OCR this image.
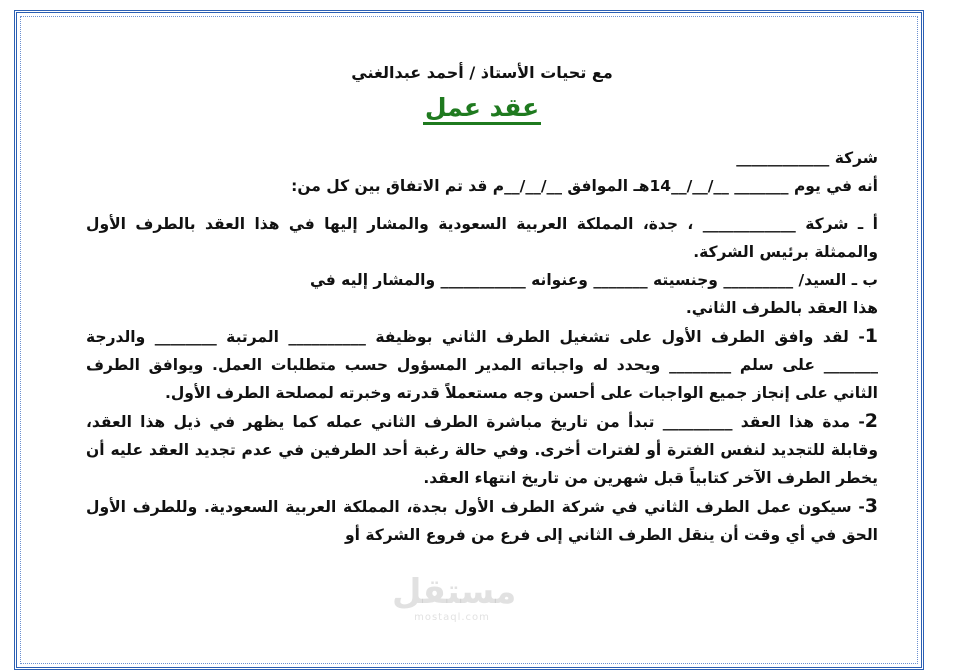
مع تحيات الأستاذ / أحمد عبدالغني

عقد عمل

شركة ____________

أنه في يوم _______ __/__/__14هـ الموافق __/__/__م قد تم الاتفاق بين كل من:

أ ـ شركة ____________ ، جدة، المملكة العربية السعودية والمشار إليها في هذا العقد بالطرف الأول والممثلة برئيس الشركة.

ب ـ السيد/ _________ وجنسيته _______ وعنوانه ___________ والمشار إليه في

هذا العقد بالطرف الثاني.

1- لقد وافق الطرف الأول على تشغيل الطرف الثاني بوظيفة __________ المرتبة ________ والدرجة _______ على سلم ________ ويحدد له واجباته المدير المسؤول حسب متطلبات العمل. ويوافق الطرف الثاني على إنجاز جميع الواجبات على أحسن وجه مستعملاً قدرته وخبرته لمصلحة الطرف الأول.

2- مدة هذا العقد _________ تبدأ من تاريخ مباشرة الطرف الثاني عمله كما يظهر في ذيل هذا العقد، وقابلة للتجديد لنفس الفترة أو لفترات أخرى. وفي حالة رغبة أحد الطرفين في عدم تجديد العقد عليه أن يخطر الطرف الآخر كتابياً قبل شهرين من تاريخ انتهاء العقد.

3- سيكون عمل الطرف الثاني في شركة الطرف الأول بجدة، المملكة العربية السعودية. وللطرف الأول الحق في أي وقت أن ينقل الطرف الثاني إلى فرع من فروع الشركة أو

مستقل
mostaql.com
